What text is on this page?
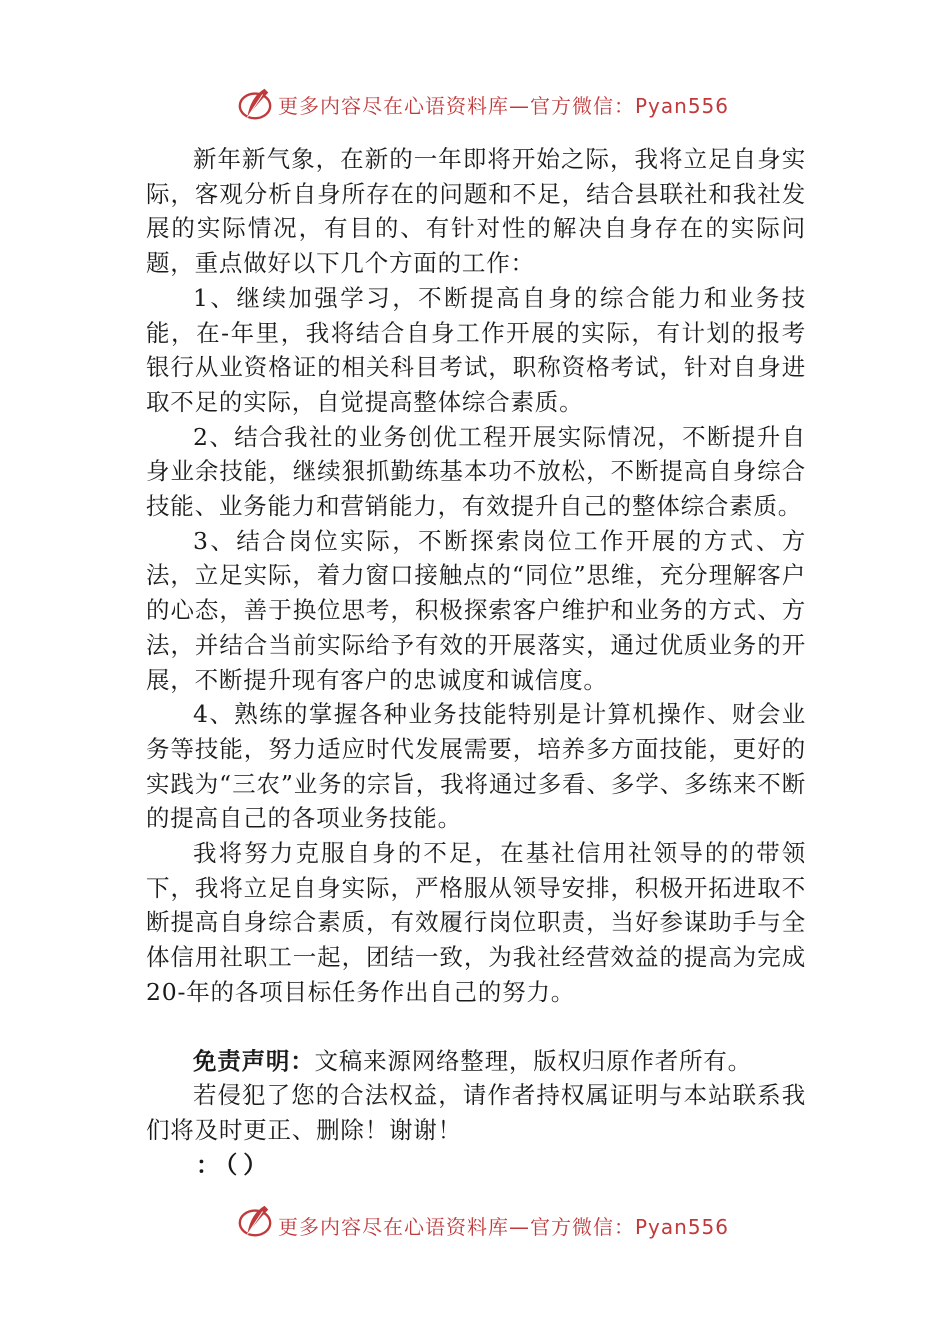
更多内容尽在心语资料库—官方微信：Pyan556

新年新气象，在新的一年即将开始之际，我将立足自身实际，客观分析自身所存在的问题和不足，结合县联社和我社发展的实际情况，有目的、有针对性的解决自身存在的实际问题，重点做好以下几个方面的工作：

1、继续加强学习，不断提高自身的综合能力和业务技能，在-年里，我将结合自身工作开展的实际，有计划的报考银行从业资格证的相关科目考试，职称资格考试，针对自身进取不足的实际，自觉提高整体综合素质。

2、结合我社的业务创优工程开展实际情况，不断提升自身业余技能，继续狠抓勤练基本功不放松，不断提高自身综合技能、业务能力和营销能力，有效提升自己的整体综合素质。

3、结合岗位实际，不断探索岗位工作开展的方式、方法，立足实际，着力窗口接触点的“同位”思维，充分理解客户的心态，善于换位思考，积极探索客户维护和业务的方式、方法，并结合当前实际给予有效的开展落实，通过优质业务的开展，不断提升现有客户的忠诚度和诚信度。

4、熟练的掌握各种业务技能特别是计算机操作、财会业务等技能，努力适应时代发展需要，培养多方面技能，更好的实践为“三农”业务的宗旨，我将通过多看、多学、多练来不断的提高自己的各项业务技能。

我将努力克服自身的不足，在基社信用社领导的的带领下，我将立足自身实际，严格服从领导安排，积极开拓进取不断提高自身综合素质，有效履行岗位职责，当好参谋助手与全体信用社职工一起，团结一致，为我社经营效益的提高为完成20-年的各项目标任务作出自己的努力。

免责声明：文稿来源网络整理，版权归原作者所有。

若侵犯了您的合法权益，请作者持权属证明与本站联系我们将及时更正、删除！谢谢！

：（）

更多内容尽在心语资料库—官方微信：Pyan556
